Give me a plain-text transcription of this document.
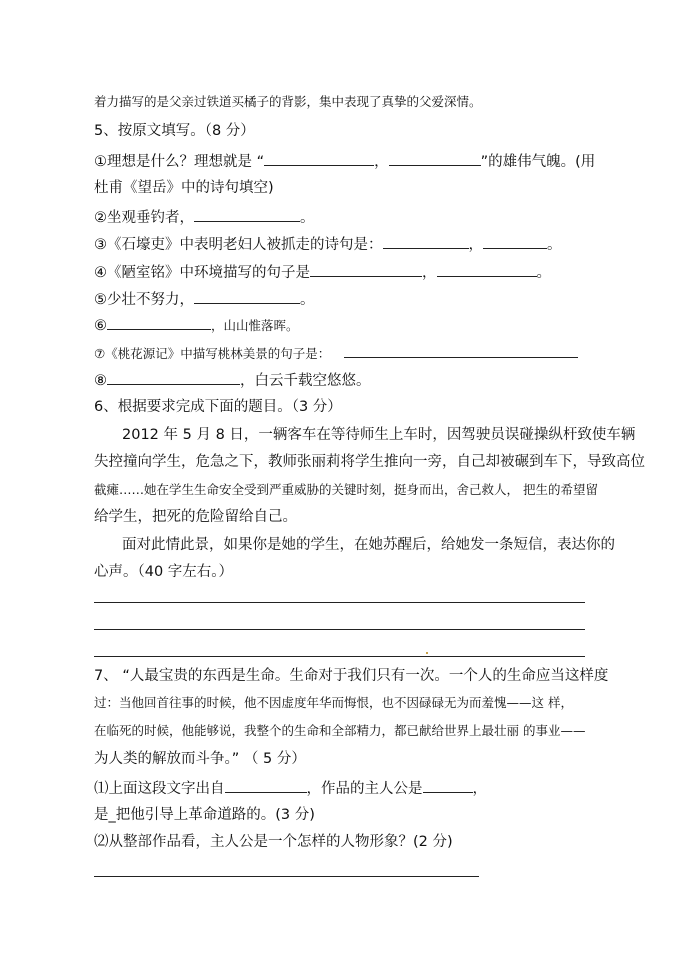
着力描写的是父亲过铁道买橘子的背影，集中表现了真挚的父爱深情。
5、按原文填写。（8 分）
①理想是什么？理想就是 “	，	”的雄伟气魄。(用
杜甫《望岳》中的诗句填空)
②坐观垂钓者，	。
③《石壕吏》中表明老妇人被抓走的诗句是：	，	。
④《陋室铭》中环境描写的句子是	，	。
⑤少壮不努力，	。
⑥	，山山惟落晖。
⑦《桃花源记》中描写桃林美景的句子是：
⑧	，白云千载空悠悠。
6、根据要求完成下面的题目。（3 分）
2012 年 5 月 8 日，一辆客车在等待师生上车时，因驾驶员误碰操纵杆致使车辆
失控撞向学生，危急之下，教师张丽莉将学生推向一旁，自己却被碾到车下，导致高位
截瘫……她在学生生命安全受到严重威胁的关键时刻，挺身而出，舍己救人， 把生的希望留
给学生，把死的危险留给自己。
面对此情此景，如果你是她的学生，在她苏醒后，给她发一条短信，表达你的
心声。（40 字左右。）
7、 “人最宝贵的东西是生命。生命对于我们只有一次。一个人的生命应当这样度
过：当他回首往事的时候，他不因虚度年华而悔恨，也不因碌碌无为而羞愧——这 样，
在临死的时候，他能够说，我整个的生命和全部精力，都已献给世界上最壮丽 的事业——
为人类的解放而斗争。” （ 5 分）
⑴上面这段文字出自	，作品的主人公是	，
是_把他引导上革命道路的。(3 分)
⑵从整部作品看，主人公是一个怎样的人物形象？(2 分)
